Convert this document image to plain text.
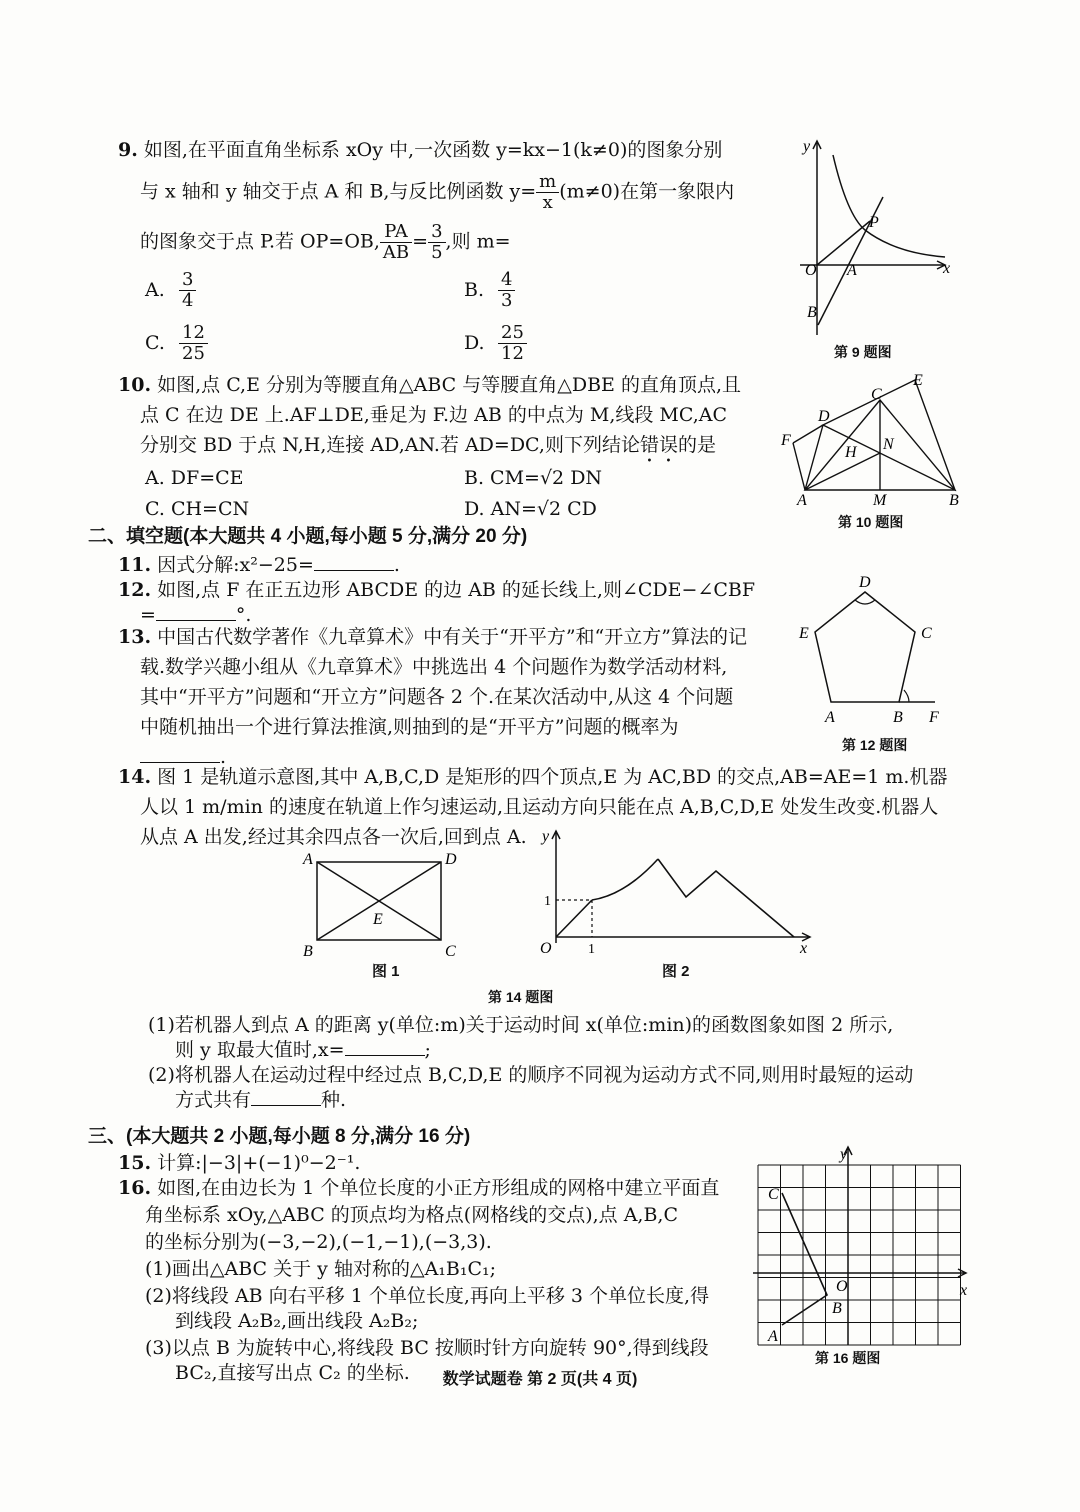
9. 如图,在平面直角坐标系 xOy 中,一次函数 y=kx−1(k≠0)的图象分别
与 x 轴和 y 轴交于点 A 和 B,与反比例函数 $y= \frac{m}{x} (m\ne 0)$在第一象限内
的图象交于点 P.若 OP=OB, $\frac{PA}{AB} = \frac{3}{5}$ ,则 m=
A. $\frac{3}{4}$	B. $\frac{4}{3}$
C. $\frac{12}{25}$	D. $\frac{25}{12}$
y
x
O A
B
P
第 9 题图
10. 如图,点 C,E 分别为等腰直角△ABC 与等腰直角△DBE 的直角顶点,且
点 C 在边 DE 上.AF⊥DE,垂足为 F.边 AB 的中点为 M,线段 MC,AC
分别交 BD 于点 N,H,连接 AD,AN.若 AD=DC,则下列结论错误的是
A. DF=CE	B. CM=√2 DN
C. CH=CN	D. AN=√2 CD	A	B
C
D
E
F
H
M
N
第 10 题图
二、填空题(本大题共 4 小题,每小题 5 分,满分 20 分)
11. 因式分解:x²−25=	.
12. 如图,点 F 在正五边形 ABCDE 的边 AB 的延长线上,则∠CDE−∠CBF
=	°.
D
E	C
A	B F
第 12 题图
13. 中国古代数学著作《九章算术》中有关于“开平方”和“开立方”算法的记
载.数学兴趣小组从《九章算术》中挑选出 4 个问题作为数学活动材料,
其中“开平方”问题和“开立方”问题各 2 个.在某次活动中,从这 4 个问题
中随机抽出一个进行算法推演,则抽到的是“开平方”问题的概率为
.
14. 图 1 是轨道示意图,其中 A,B,C,D 是矩形的四个顶点,E 为 AC,BD 的交点,AB=AE=1 m.机器
人以 1 m/min 的速度在轨道上作匀速运动,且运动方向只能在点 A,B,C,D,E 处发生改变.机器人
从点 A 出发,经过其余四点各一次后,回到点 A.
A	D
B	C
E
图 1
y
x
O
1
1
图 2
第 14 题图
(1)若机器人到点 A 的距离 y(单位:m)关于运动时间 x(单位:min)的函数图象如图 2 所示,
则 y 取最大值时,x=	;
(2)将机器人在运动过程中经过点 B,C,D,E 的顺序不同视为运动方式不同,则用时最短的运动
方式共有	种.
三、(本大题共 2 小题,每小题 8 分,满分 16 分)
15. 计算:|−3|+(−1)⁰−2⁻¹.
16. 如图,在由边长为 1 个单位长度的小正方形组成的网格中建立平面直
角坐标系 xOy,△ABC 的顶点均为格点(网格线的交点),点 A,B,C
的坐标分别为(−3,−2),(−1,−1),(−3,3).
(1)画出△ABC 关于 y 轴对称的△A₁B₁C₁;
(2)将线段 AB 向右平移 1 个单位长度,再向上平移 3 个单位长度,得
到线段 A₂B₂,画出线段 A₂B₂;
(3)以点 B 为旋转中心,将线段 BC 按顺时针方向旋转 90°,得到线段
BC₂,直接写出点 C₂ 的坐标.
y
x
O
A
B
C
第 16 题图
数学试题卷 第 2 页(共 4 页)
